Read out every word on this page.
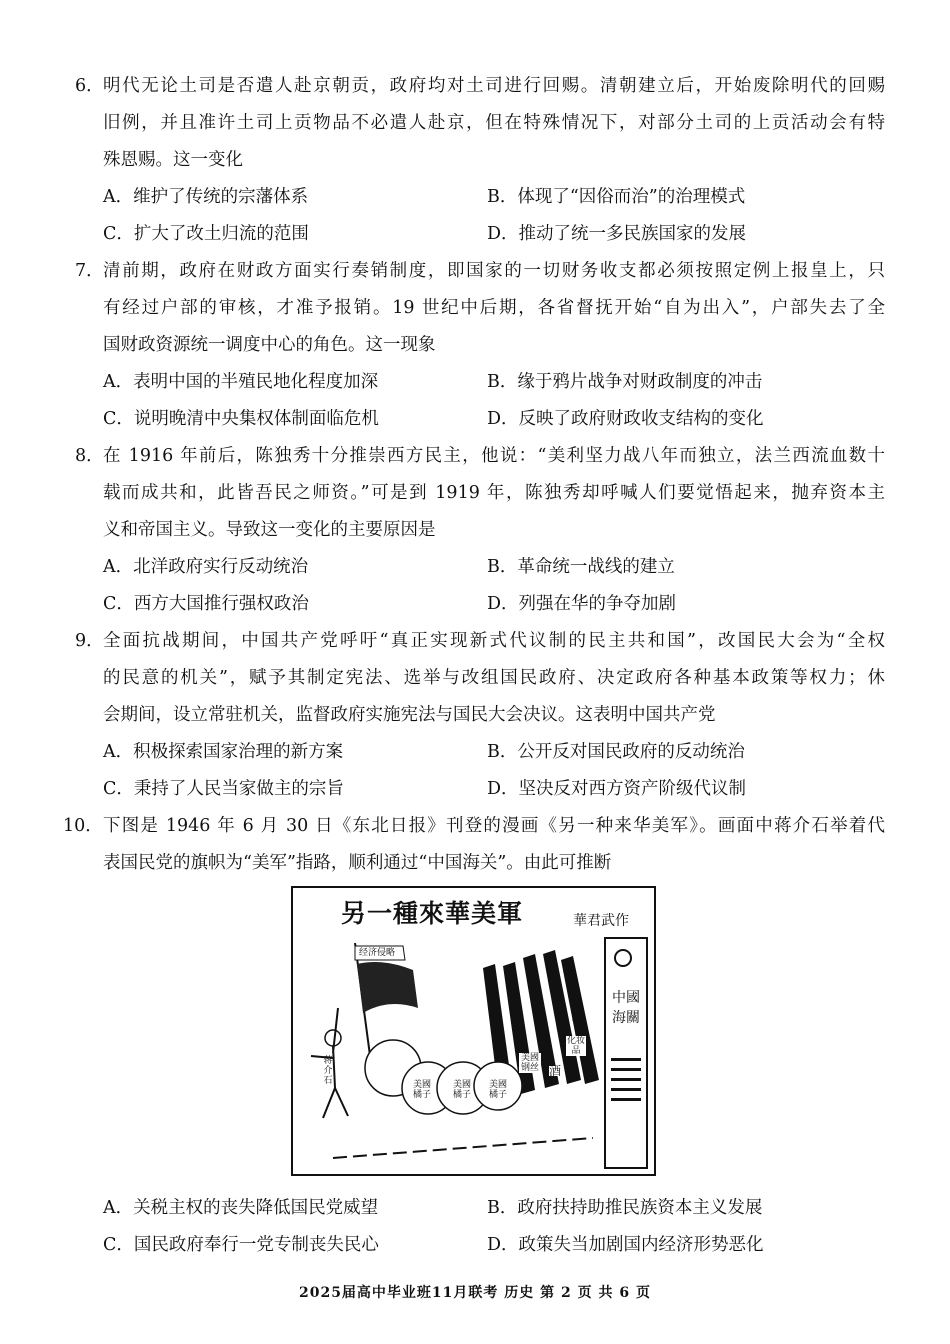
6． 明代无论土司是否遣人赴京朝贡，政府均对土司进行回赐。清朝建立后，开始废除明代的回赐
旧例，并且准许土司上贡物品不必遣人赴京，但在特殊情况下，对部分土司的上贡活动会有特
殊恩赐。这一变化
A．维护了传统的宗藩体系	B．体现了“因俗而治”的治理模式
C．扩大了改土归流的范围	D．推动了统一多民族国家的发展
7． 清前期，政府在财政方面实行奏销制度，即国家的一切财务收支都必须按照定例上报皇上，只
有经过户部的审核，才准予报销。19 世纪中后期，各省督抚开始“自为出入”，户部失去了全
国财政资源统一调度中心的角色。这一现象
A．表明中国的半殖民地化程度加深	B．缘于鸦片战争对财政制度的冲击
C．说明晚清中央集权体制面临危机	D．反映了政府财政收支结构的变化
8． 在 1916 年前后，陈独秀十分推崇西方民主，他说：“美利坚力战八年而独立，法兰西流血数十
载而成共和，此皆吾民之师资。”可是到 1919 年，陈独秀却呼喊人们要觉悟起来，抛弃资本主
义和帝国主义。导致这一变化的主要原因是
A．北洋政府实行反动统治	B．革命统一战线的建立
C．西方大国推行强权政治	D．列强在华的争夺加剧
9． 全面抗战期间，中国共产党呼吁“真正实现新式代议制的民主共和国”，改国民大会为“全权
的民意的机关”，赋予其制定宪法、选举与改组国民政府、决定政府各种基本政策等权力；休
会期间，设立常驻机关，监督政府实施宪法与国民大会决议。这表明中国共产党
A．积极探索国家治理的新方案	B．公开反对国民政府的反动统治
C．秉持了人民当家做主的宗旨	D．坚决反对西方资产阶级代议制
10． 下图是 1946 年 6 月 30 日《东北日报》刊登的漫画《另一种来华美军》。画面中蒋介石举着代
表国民党的旗帜为“美军”指路，顺利通过“中国海关”。由此可推断
另一種來華美軍	華君武作
经济侵略
蒋介石	美國橘子
美國橘子
美國橘子
美國钢丝 酒
化妆品
美棉
中國海關
A．关税主权的丧失降低国民党威望	B．政府扶持助推民族资本主义发展
C．国民政府奉行一党专制丧失民心	D．政策失当加剧国内经济形势恶化
2025届高中毕业班11月联考 历史 第 2 页 共 6 页
